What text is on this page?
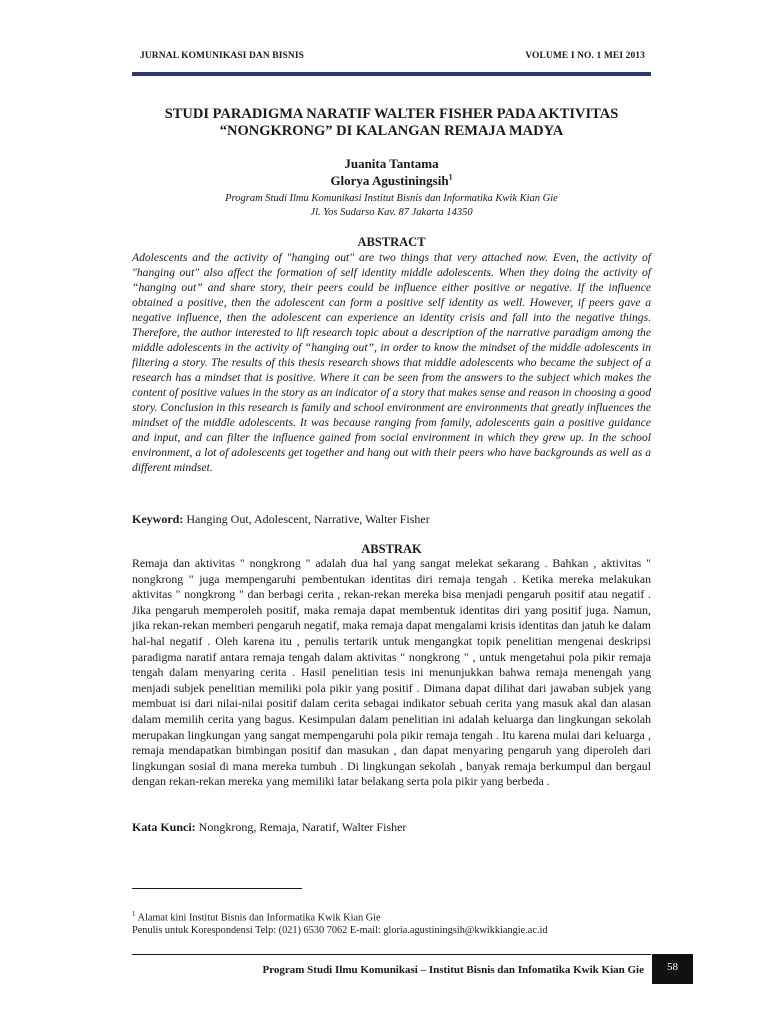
JURNAL KOMUNIKASI DAN BISNIS	VOLUME I NO. 1 MEI 2013
STUDI PARADIGMA NARATIF WALTER FISHER PADA AKTIVITAS
“NONGKRONG” DI KALANGAN REMAJA MADYA
Juanita Tantama
Glorya Agustiningsih$^1$
Program Studi Ilmu Komunikasi Institut Bisnis dan Informatika Kwik Kian Gie
Jl. Yos Sudarso Kav. 87 Jakarta 14350
ABSTRACT

Adolescents and the activity of "hanging out" are two things that very attached now. Even, the activity of "hanging out" also affect the formation of self identity middle adolescents. When they doing the activity of “hanging out” and share story, their peers could be influence either positive or negative. If the influence obtained a positive, then the adolescent can form a positive self identity as well. However, if peers gave a negative influence, then the adolescent can experience an identity crisis and fall into the negative things. Therefore, the author interested to lift research topic about a description of the narrative paradigm among the middle adolescents in the activity of “hanging out”, in order to know the mindset of the middle adolescents in filtering a story. The results of this thesis research shows that middle adolescents who became the subject of a research has a mindset that is positive. Where it can be seen from the answers to the subject which makes the content of positive values in the story as an indicator of a story that makes sense and reason in choosing a good story. Conclusion in this research is family and school environment are environments that greatly influences the mindset of the middle adolescents. It was because ranging from family, adolescents gain a positive guidance and input, and can filter the influence gained from social environment in which they grew up. In the school environment, a lot of adolescents get together and hang out with their peers who have backgrounds as well as a different mindset.

Keyword: Hanging Out, Adolescent, Narrative, Walter Fisher

ABSTRAK

Remaja dan aktivitas " nongkrong " adalah dua hal yang sangat melekat sekarang . Bahkan , aktivitas " nongkrong " juga mempengaruhi pembentukan identitas diri remaja tengah . Ketika mereka melakukan aktivitas " nongkrong " dan berbagi cerita , rekan-rekan mereka bisa menjadi pengaruh positif atau negatif . Jika pengaruh memperoleh positif, maka remaja dapat membentuk identitas diri yang positif juga. Namun, jika rekan-rekan memberi pengaruh negatif, maka remaja dapat mengalami krisis identitas dan jatuh ke dalam hal-hal negatif . Oleh karena itu , penulis tertarik untuk mengangkat topik penelitian mengenai deskripsi paradigma naratif antara remaja tengah dalam aktivitas " nongkrong " , untuk mengetahui pola pikir remaja tengah dalam menyaring cerita . Hasil penelitian tesis ini menunjukkan bahwa remaja menengah yang menjadi subjek penelitian memiliki pola pikir yang positif . Dimana dapat dilihat dari jawaban subjek yang membuat isi dari nilai-nilai positif dalam cerita sebagai indikator sebuah cerita yang masuk akal dan alasan dalam memilih cerita yang bagus. Kesimpulan dalam penelitian ini adalah keluarga dan lingkungan sekolah merupakan lingkungan yang sangat mempengaruhi pola pikir remaja tengah . Itu karena mulai dari keluarga , remaja mendapatkan bimbingan positif dan masukan , dan dapat menyaring pengaruh yang diperoleh dari lingkungan sosial di mana mereka tumbuh . Di lingkungan sekolah , banyak remaja berkumpul dan bergaul dengan rekan-rekan mereka yang memiliki latar belakang serta pola pikir yang berbeda .

Kata Kunci: Nongkrong, Remaja, Naratif, Walter Fisher

$^1$ Alamat kini Institut Bisnis dan Informatika Kwik Kian Gie
Penulis untuk Korespondensi Telp: (021) 6530 7062 E-mail: gloria.agustiningsih@kwikkiangie.ac.id
Program Studi Ilmu Komunikasi – Institut Bisnis dan Infomatika Kwik Kian Gie	58
